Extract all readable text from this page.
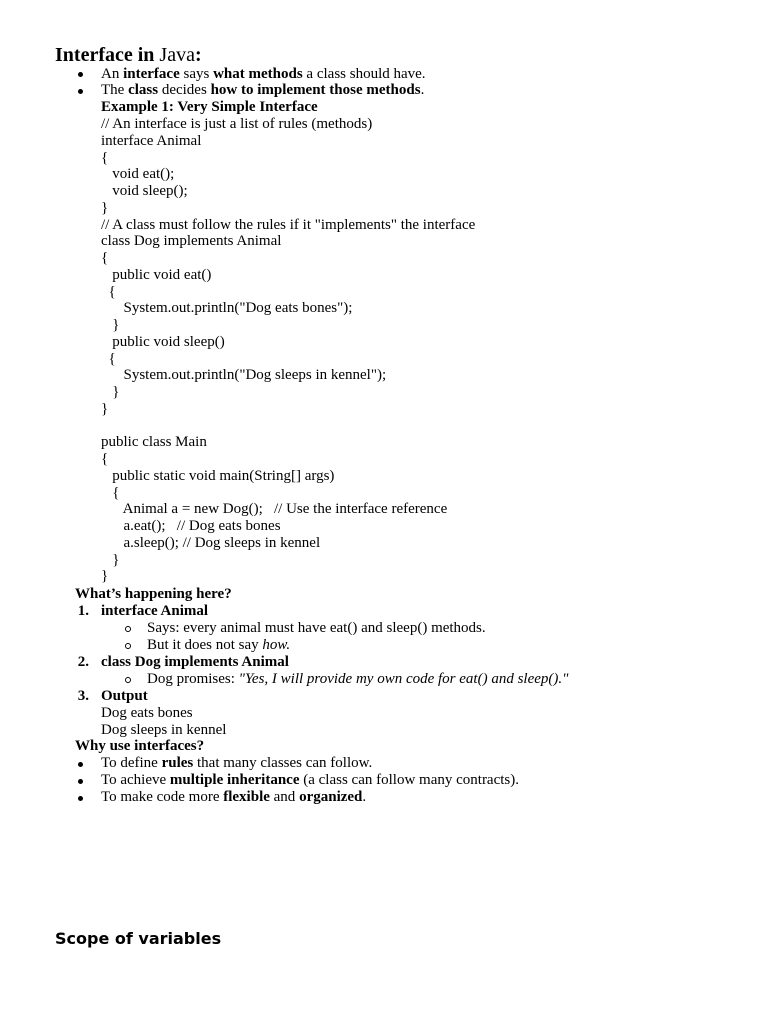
Interface in Java:
An interface says what methods a class should have.
The class decides how to implement those methods.
Example 1: Very Simple Interface
// An interface is just a list of rules (methods)
interface Animal
{
void eat();
void sleep();
}
// A class must follow the rules if it "implements" the interface
class Dog implements Animal
{
public void eat()
{
System.out.println("Dog eats bones");
}
public void sleep()
{
System.out.println("Dog sleeps in kennel");
}
}
public class Main
{
public static void main(String[] args)
{
Animal a = new Dog();   // Use the interface reference
a.eat();   // Dog eats bones
a.sleep(); // Dog sleeps in kennel
}
}
What’s happening here?
1. interface Animal
Says: every animal must have eat() and sleep() methods.
But it does not say how.
2. class Dog implements Animal
Dog promises: "Yes, I will provide my own code for eat() and sleep()."
3. Output
Dog eats bones
Dog sleeps in kennel
Why use interfaces?
To define rules that many classes can follow.
To achieve multiple inheritance (a class can follow many contracts).
To make code more flexible and organized.
Scope of variables
